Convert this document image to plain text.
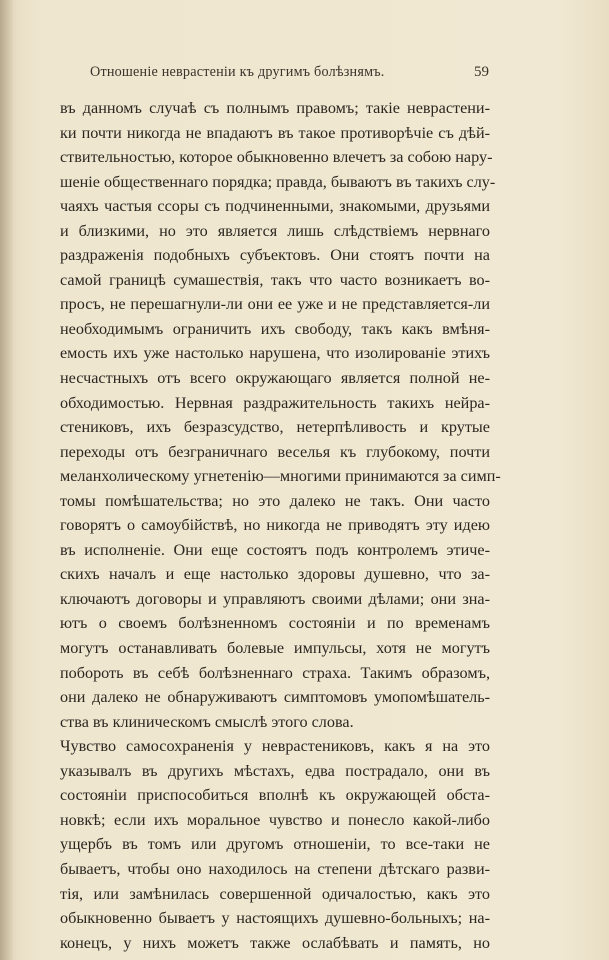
Отношенiе неврастенiи къ другимъ болѣзнямъ.	59
въ данномъ случаѣ съ полнымъ правомъ; такiе неврастени-
ки почти никогда не впадаютъ въ такое противорѣчiе съ дѣй-
ствительностью, которое обыкновенно влечетъ за собою нару-
шенiе общественнаго порядка; правда, бываютъ въ такихъ слу-
чаяхъ частыя ссоры съ подчиненными, знакомыми, друзьями
и близкими, но это является лишь слѣдствiемъ нервнаго
раздраженiя подобныхъ субъектовъ. Они стоятъ почти на
самой границѣ сумашествiя, такъ что часто возникаетъ во-
просъ, не перешагнули-ли они ее уже и не представляется-ли
необходимымъ ограничить ихъ свободу, такъ какъ вмѣня-
емость ихъ уже настолько нарушена, что изолированiе этихъ
несчастныхъ отъ всего окружающаго является полной не-
обходимостью. Нервная раздражительность такихъ нейра-
стениковъ, ихъ безразсудство, нетерпѣливость и крутые
переходы отъ безграничнаго веселья къ глубокому, почти
меланхолическому угнетенiю—многими принимаются за симп-
томы помѣшательства; но это далеко не такъ. Они часто
говорятъ о самоубiйствѣ, но никогда не приводятъ эту идею
въ исполненiе. Они еще состоятъ подъ контролемъ этиче-
скихъ началъ и еще настолько здоровы душевно, что за-
ключаютъ договоры и управляютъ своими дѣлами; они зна-
ютъ о своемъ болѣзненномъ состоянiи и по временамъ
могутъ останавливать болевые импульсы, хотя не могутъ
побороть въ себѣ болѣзненнаго страха. Такимъ образомъ,
они далеко не обнаруживаютъ симптомовъ умопомѣшатель-
ства въ клиническомъ смыслѣ этого слова.
Чувство самосохраненiя у неврастениковъ, какъ я на это
указывалъ въ другихъ мѣстахъ, едва пострадало, они въ
состоянiи приспособиться вполнѣ къ окружающей обста-
новкѣ; если ихъ моральное чувство и понесло какой-либо
ущербъ въ томъ или другомъ отношенiи, то все-таки не
бываетъ, чтобы оно находилось на степени дѣтскаго разви-
тiя, или замѣнилась совершенной одичалостью, какъ это
обыкновенно бываетъ у настоящихъ душевно-больныхъ; на-
конецъ, у нихъ можетъ также ослабѣвать и память, но
